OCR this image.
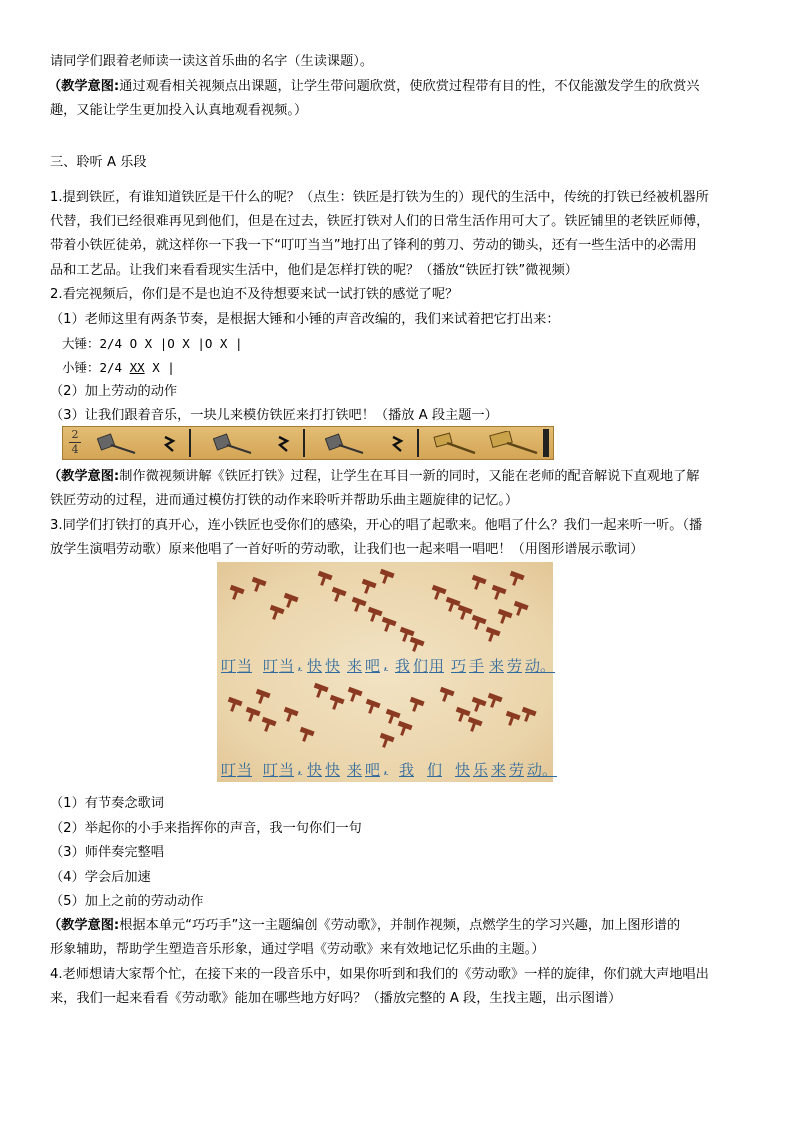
请同学们跟着老师读一读这首乐曲的名字（生读课题）。
（教学意图:通过观看相关视频点出课题，让学生带问题欣赏，使欣赏过程带有目的性，不仅能激发学生的欣赏兴
趣，又能让学生更加投入认真地观看视频。）
三、聆听 A 乐段
1.提到铁匠，有谁知道铁匠是干什么的呢？（点生：铁匠是打铁为生的）现代的生活中，传统的打铁已经被机器所
代替，我们已经很难再见到他们，但是在过去，铁匠打铁对人们的日常生活作用可大了。铁匠铺里的老铁匠师傅，
带着小铁匠徒弟，就这样你一下我一下“叮叮当当”地打出了锋利的剪刀、劳动的锄头，还有一些生活中的必需用
品和工艺品。让我们来看看现实生活中，他们是怎样打铁的呢？（播放“铁匠打铁”微视频）
2.看完视频后，你们是不是也迫不及待想要来试一试打铁的感觉了呢？
（1）老师这里有两条节奏，是根据大锤和小锤的声音改编的，我们来试着把它打出来：
大锤：2/4 O X |O X |O X |
小锤：2/4 XX X |
（2）加上劳动的动作
（3）让我们跟着音乐，一块儿来模仿铁匠来打打铁吧！（播放 A 段主题一）
$\frac{2}{4}$
（教学意图:制作微视频讲解《铁匠打铁》过程，让学生在耳目一新的同时，又能在老师的配音解说下直观地了解
铁匠劳动的过程，进而通过模仿打铁的动作来聆听并帮助乐曲主题旋律的记忆。）
3.同学们打铁打的真开心，连小铁匠也受你们的感染，开心的唱了起歌来。他唱了什么？我们一起来听一听。（播
放学生演唱劳动歌）原来他唱了一首好听的劳动歌，让我们也一起来唱一唱吧！（用图形谱展示歌词）
叮 当 叮 当 , 快 快 来 吧 , 我 们 用 巧 手 来 劳 动。
叮 当 叮 当 , 快 快 来 吧 , 我 们 快 乐 来 劳 动。
（1）有节奏念歌词
（2）举起你的小手来指挥你的声音，我一句你们一句
（3）师伴奏完整唱
（4）学会后加速
（5）加上之前的劳动动作
（教学意图:根据本单元“巧巧手”这一主题编创《劳动歌》，并制作视频，点燃学生的学习兴趣，加上图形谱的
形象辅助，帮助学生塑造音乐形象，通过学唱《劳动歌》来有效地记忆乐曲的主题。）
4.老师想请大家帮个忙，在接下来的一段音乐中，如果你听到和我们的《劳动歌》一样的旋律，你们就大声地唱出
来，我们一起来看看《劳动歌》能加在哪些地方好吗？（播放完整的 A 段，生找主题，出示图谱）
